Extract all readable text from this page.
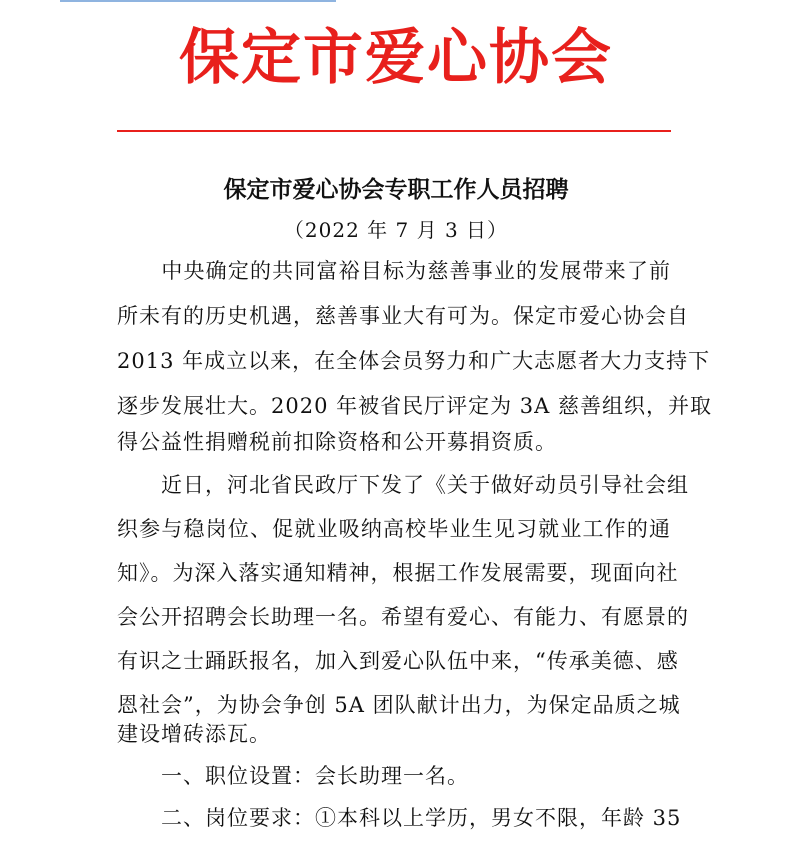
保定市爱心协会
保定市爱心协会专职工作人员招聘
（2022 年 7 月 3 日）
　　中央确定的共同富裕目标为慈善事业的发展带来了前
所未有的历史机遇，慈善事业大有可为。保定市爱心协会自
2013 年成立以来，在全体会员努力和广大志愿者大力支持下
逐步发展壮大。2020 年被省民厅评定为 3A 慈善组织，并取
得公益性捐赠税前扣除资格和公开募捐资质。
　　近日，河北省民政厅下发了《关于做好动员引导社会组
织参与稳岗位、促就业吸纳高校毕业生见习就业工作的通
知》。为深入落实通知精神，根据工作发展需要，现面向社
会公开招聘会长助理一名。希望有爱心、有能力、有愿景的
有识之士踊跃报名，加入到爱心队伍中来，“传承美德、感
恩社会”，为协会争创 5A 团队献计出力，为保定品质之城
建设增砖添瓦。
　　一、职位设置：会长助理一名。
　　二、岗位要求：①本科以上学历，男女不限，年龄 35
